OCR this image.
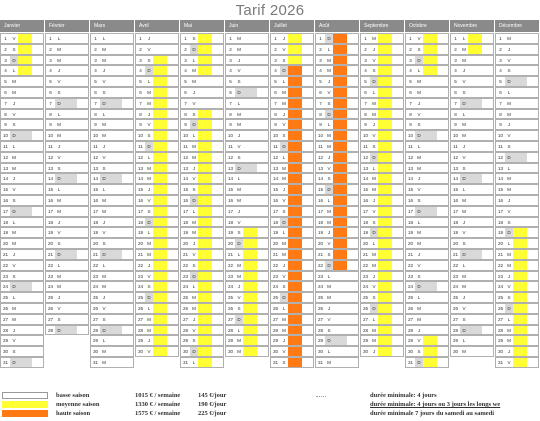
Tarif 2026
Janvier
1 V
2 S
3 D
4 L
5 M
6 M
7 J
8 V
9 S
10 D
11 L
12 M
13 M
14 J
15 V
16 S
17 D
18 L
19 M
20 M
21 J
22 V
23 S
24 D
25 L
26 M
27 M
28 J
29 V
30 S
31 D
Février
1 L
2 M
3 M
4 J
5 V
6 S
7 D
8 L
9 M
10 M
11 J
12 V
13 S
14 D
15 L
16 M
17 M
18 J
19 V
20 S
21 D
22 L
23 M
24 M
25 J
26 V
27 S
28 D
Mars
1 L
2 M
3 M
4 J
5 V
6 S
7 D
8 L
9 M
10 M
11 J
12 V
13 S
14 D
15 L
16 M
17 M
18 J
19 V
20 S
21 D
22 L
23 M
24 M
25 J
26 V
27 S
28 D
29 L
30 M
31 M
Avril
1 J
2 V
3 S
4 D
5 L
6 M
7 M
8 J
9 V
10 S
11 D
12 L
13 M
14 M
15 J
16 V
17 S
18 D
19 L
20 M
21 M
22 J
23 V
24 S
25 D
26 L
27 M
28 M
29 J
30 V
Mai
1 S
2 D
3 L
4 M
5 M
6 J
7 V
8 S
9 D
10 L
11 M
12 M
13 J
14 V
15 S
16 D
17 L
18 M
19 M
20 J
21 V
22 S
23 D
24 L
25 M
26 M
27 J
28 V
29 S
30 D
31 L
Juin
1 M
2 M
3 J
4 V
5 S
6 D
7 L
8 M
9 M
10 J
11 V
12 S
13 D
14 L
15 M
16 M
17 J
18 V
19 S
20 D
21 L
22 M
23 M
24 J
25 V
26 S
27 D
28 L
29 M
30 M
Juillet
1 J
2 V
3 S
4 D
5 L
6 M
7 M
8 J
9 V
10 S
11 D
12 L
13 M
14 M
15 J
16 V
17 S
18 D
19 L
20 M
21 M
22 J
23 V
24 S
25 D
26 L
27 M
28 M
29 J
30 V
31 S
Août
1 D
2 L
3 M
4 M
5 J
6 V
7 S
8 D
9 L
10 M
11 M
12 J
13 V
14 S
15 D
16 L
17 M
18 M
19 J
20 V
21 S
22 D
23 L
24 M
25 M
26 J
27 V
28 S
29 D
30 L
31 M
Septembre
1 M
2 J
3 V
4 S
5 D
6 L
7 M
8 M
9 J
10 V
11 S
12 D
13 L
14 M
15 M
16 J
17 V
18 S
19 D
20 L
21 M
22 M
23 J
24 V
25 S
26 D
27 L
28 M
29 M
30 J
Octobre
1 V
2 S
3 D
4 L
5 M
6 M
7 J
8 V
9 S
10 D
11 L
12 M
13 M
14 J
15 V
16 S
17 D
18 L
19 M
20 M
21 J
22 V
23 S
24 D
25 L
26 M
27 M
28 J
29 V
30 S
31 D
Novembre
1 L
2 M
3 M
4 J
5 V
6 S
7 D
8 L
9 M
10 M
11 J
12 V
13 S
14 D
15 L
16 M
17 M
18 J
19 V
20 S
21 D
22 L
23 M
24 M
25 J
26 V
27 S
28 D
29 L
30 M
Décembre
1 M
2 J
3 V
4 S
5 D
6 L
7 M
8 M
9 J
10 V
11 S
12 D
13 L
14 M
15 M
16 J
17 V
18 S
19 D
20 L
21 M
22 M
23 J
24 V
25 S
26 D
27 L
28 M
29 M
30 J
31 V
basse saison	1015 € / semaine	145 €/jour	durée minimale: 4 jours
moyenne saison	1330 € / semaine	190 €/jour	durée minimale: 4 jours ou 3 jours les longs we
haute saison	1575 € / semaine	225 €/jour	durée minimale 7 jours du samedi au samedi
